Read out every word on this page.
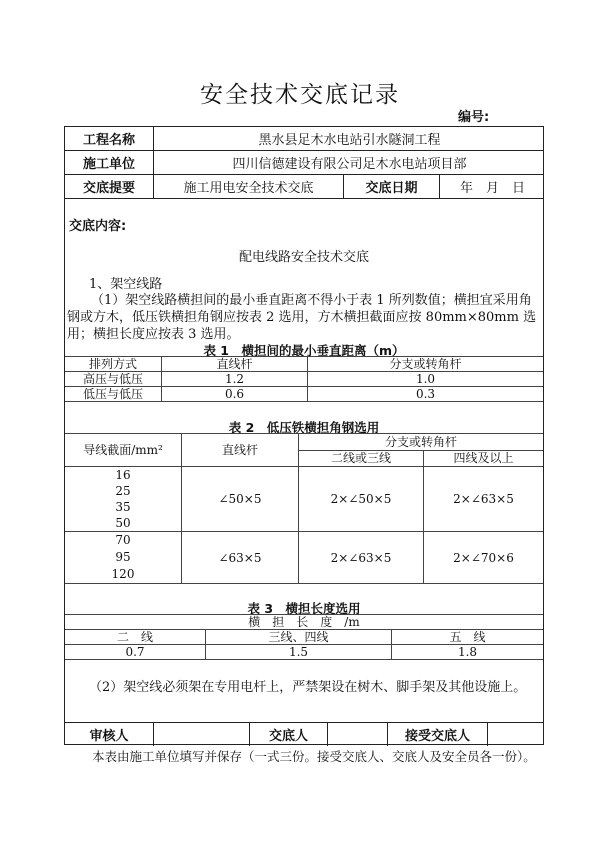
安全技术交底记录
编号:
工程名称	黑水县足木水电站引水隧洞工程
施工单位	四川信德建设有限公司足木水电站项目部
交底提要	施工用电安全技术交底	交底日期	年　月　日
交底内容:
配电线路安全技术交底
1、架空线路
（1）架空线路横担间的最小垂直距离不得小于表 1 所列数值；横担宜采用角钢或方木，低压铁横担角钢应按表 2 选用，方木横担截面应按 80mm×80mm 选用；横担长度应按表 3 选用。
表 1　横担间的最小垂直距离（m）
排列方式	直线杆	分支或转角杆
高压与低压	1.2	1.0
低压与低压	0.6	0.3
表 2　低压铁横担角钢选用
导线截面/mm²	直线杆	分支或转角杆	
		二线或三线	四线及以上

16
25
35
50	∠50×5	2×∠50×5	2×∠63×5

70
95
120	∠63×5	2×∠63×5	2×∠70×6
表 3　横担长度选用
横　担　长　度　/m		
二　线	三线、四线	五　线
0.7	1.5	1.8
（2）架空线必须架在专用电杆上，严禁架设在树木、脚手架及其他设施上。
审核人	交底人	接受交底人
本表由施工单位填写并保存（一式三份。接受交底人、交底人及安全员各一份）。
